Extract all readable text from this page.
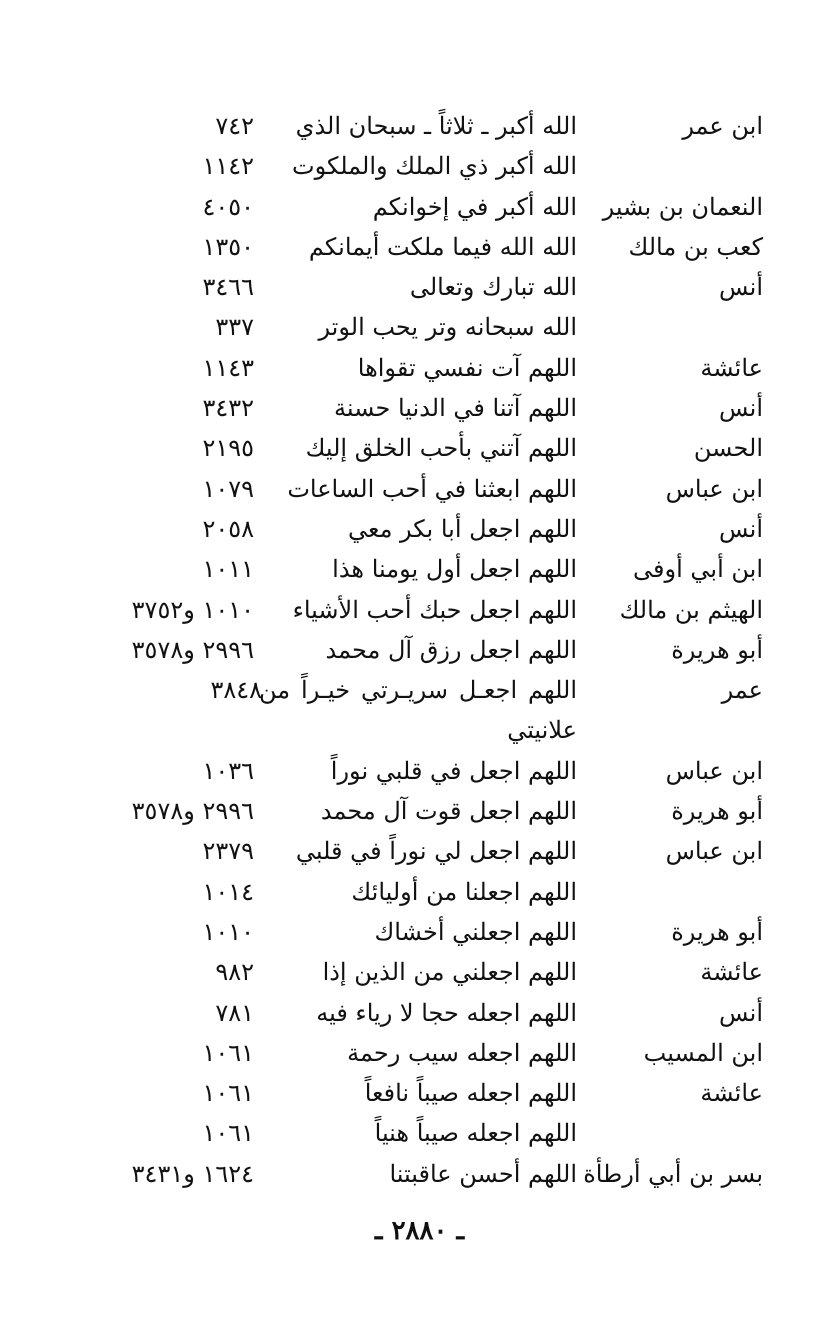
ابن عمر
الله أكبر ـ ثلاثاً ـ سبحان الذي
٧٤٢
الله أكبر ذي الملك والملكوت
١١٤٢
النعمان بن بشير
الله أكبر في إخوانكم
٤٠٥٠
كعب بن مالك
الله الله فيما ملكت أيمانكم
١٣٥٠
أنس
الله تبارك وتعالى
٣٤٦٦
الله سبحانه وتر يحب الوتر
٣٣٧
عائشة
اللهم آت نفسي تقواها
١١٤٣
أنس
اللهم آتنا في الدنيا حسنة
٣٤٣٢
الحسن
اللهم آتني بأحب الخلق إليك
٢١٩٥
ابن عباس
اللهم ابعثنا في أحب الساعات
١٠٧٩
أنس
اللهم اجعل أبا بكر معي
٢٠٥٨
ابن أبي أوفى
اللهم اجعل أول يومنا هذا
١٠١١
الهيثم بن مالك
اللهم اجعل حبك أحب الأشياء
١٠١٠ و٣٧٥٢
أبو هريرة
اللهم اجعل رزق آل محمد
٢٩٩٦ و٣٥٧٨
عمر
اللهم اجعـل سريـرتي خيـراً من
٣٨٤٨
علانيتي
ابن عباس
اللهم اجعل في قلبي نوراً
١٠٣٦
أبو هريرة
اللهم اجعل قوت آل محمد
٢٩٩٦ و٣٥٧٨
ابن عباس
اللهم اجعل لي نوراً في قلبي
٢٣٧٩
اللهم اجعلنا من أوليائك
١٠١٤
أبو هريرة
اللهم اجعلني أخشاك
١٠١٠
عائشة
اللهم اجعلني من الذين إذا
٩٨٢
أنس
اللهم اجعله حجا لا رياء فيه
٧٨١
ابن المسيب
اللهم اجعله سيب رحمة
١٠٦١
عائشة
اللهم اجعله صيباً نافعاً
١٠٦١
اللهم اجعله صيباً هنياً
١٠٦١
بسر بن أبي أرطأة
اللهم أحسن عاقبتنا
١٦٢٤ و٣٤٣١
ـ ٢٨٨٠ ـ
